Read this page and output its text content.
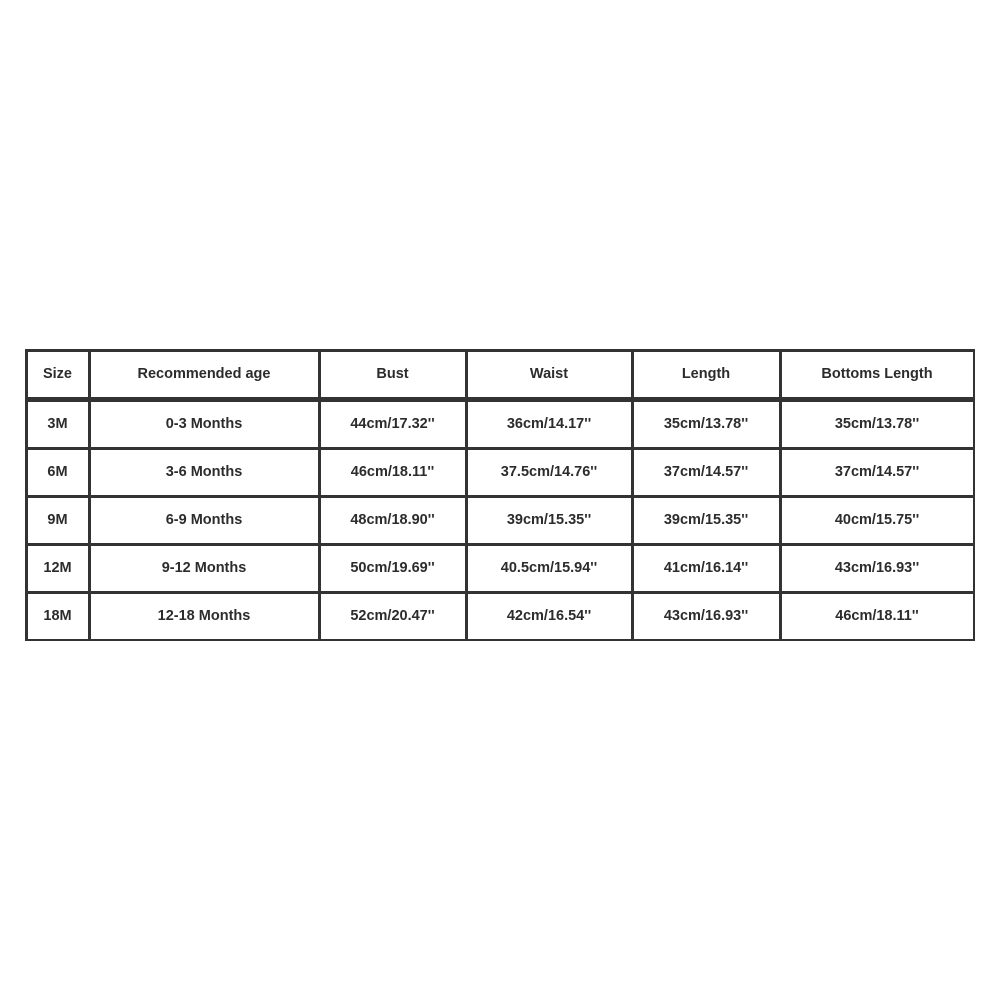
Size	Recommended age	Bust	Waist	Length	Bottoms Length
3M	0-3 Months	44cm/17.32''	36cm/14.17''	35cm/13.78''	35cm/13.78''
6M	3-6 Months	46cm/18.11''	37.5cm/14.76''	37cm/14.57''	37cm/14.57''
9M	6-9 Months	48cm/18.90''	39cm/15.35''	39cm/15.35''	40cm/15.75''
12M	9-12 Months	50cm/19.69''	40.5cm/15.94''	41cm/16.14''	43cm/16.93''
18M	12-18 Months	52cm/20.47''	42cm/16.54''	43cm/16.93''	46cm/18.11''
